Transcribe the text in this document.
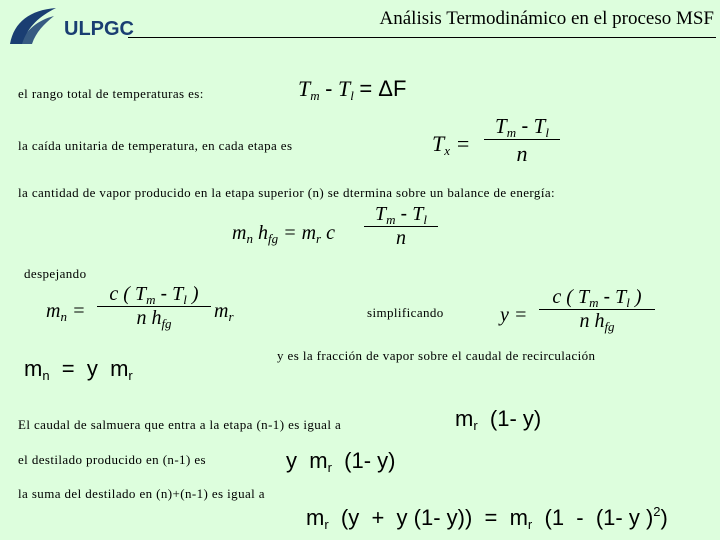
ULPGC	Análisis Termodinámico en el proceso MSF
el rango total de temperaturas es:
la caída unitaria de temperatura, en cada etapa es
la cantidad de vapor producido en la etapa superior (n) se dtermina sobre un balance de energía:
despejando
simplificando
y es la fracción de vapor sobre el caudal de recirculación
El caudal de salmuera que entra a la etapa (n‑1) es igual a
el destilado producido en (n‑1) es
la suma del destilado en (n)+(n‑1) es igual a
Tm - Tl = ΔF
$Tx = \frac{Tm - Tl}{n}$
$m_n$ $h_{fg} = m_r$ c $\frac{T_m - T_l}{n}$
$m_n$ =
c ( $T_m - T_l$ )
n $h_{fg}$
$m_r$	y =
c ( $T_m - T_l$ )
n $h_{fg}$
mn  =  y  mr
mr  (1- y)
y  mr  (1- y)
mr  (y  +  y (1- y))  =  mr  (1  -  (1- y )$^2$)
